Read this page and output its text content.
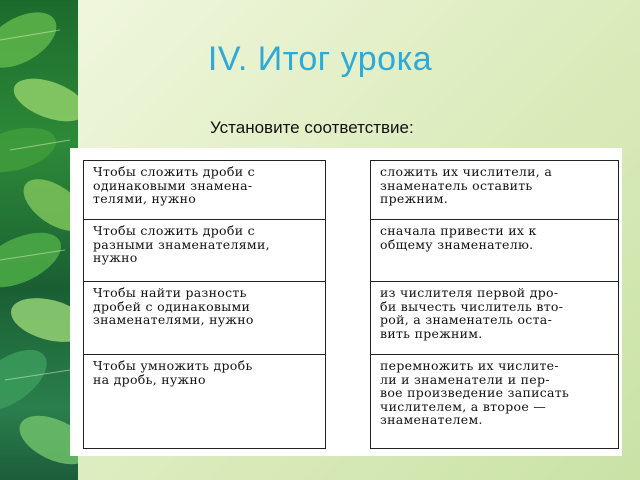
IV. Итог урока
Установите соответствие:
Чтобы сложить дроби с
одинаковыми знамена-
телями, нужно
Чтобы сложить дроби с
разными знаменателями,
нужно
Чтобы найти разность
дробей с одинаковыми
знаменателями, нужно
Чтобы умножить дробь
на дробь, нужно
сложить их числители, а
знаменатель оставить
прежним.
сначала привести их к
общему знаменателю.
из числителя первой дро-
би вычесть числитель вто-
рой, а знаменатель оста-
вить прежним.
перемножить их числите-
ли и знаменатели и пер-
вое произведение записать
числителем, а второе —
знаменателем.
